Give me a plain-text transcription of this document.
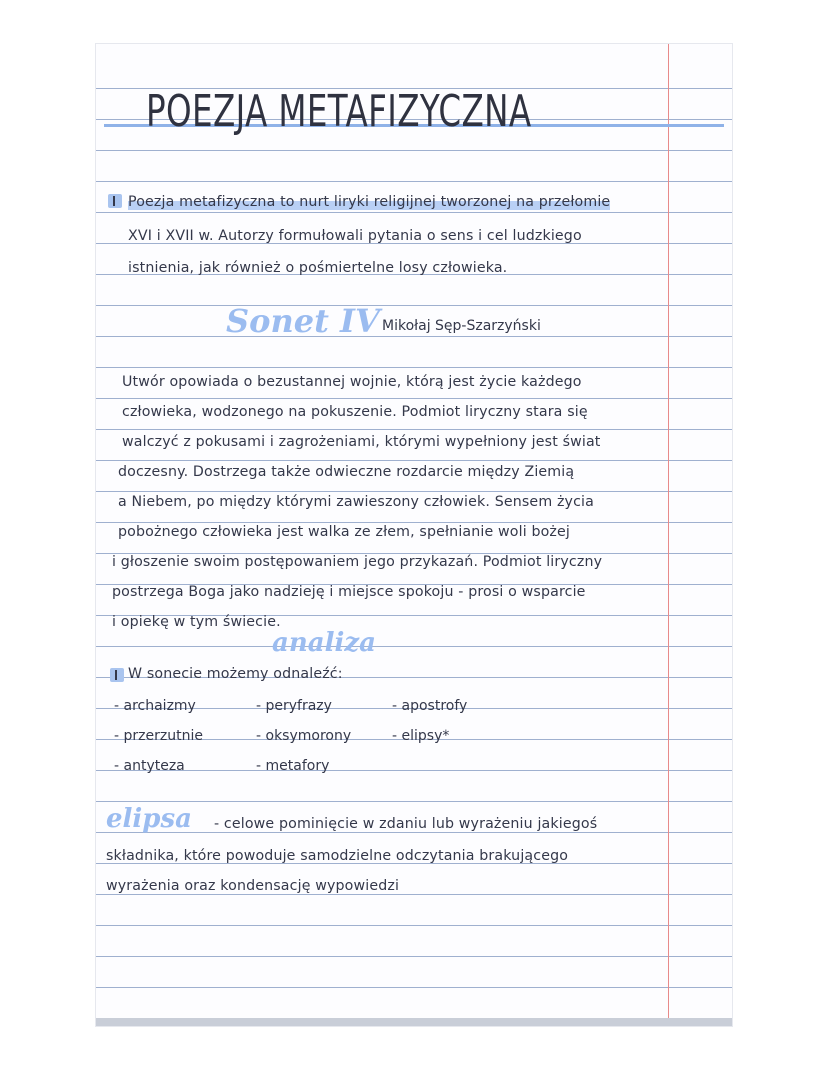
POEZJA METAFIZYCZNA
Poezja metafizyczna to nurt liryki religijnej tworzonej na przełomie
XVI i XVII w. Autorzy formułowali pytania o sens i cel ludzkiego
istnienia, jak również o pośmiertelne losy człowieka.
Sonet IV Mikołaj Sęp-Szarzyński
Utwór opowiada o bezustannej wojnie, którą jest życie każdego
człowieka, wodzonego na pokuszenie. Podmiot liryczny stara się
walczyć z pokusami i zagrożeniami, którymi wypełniony jest świat
doczesny. Dostrzega także odwieczne rozdarcie między Ziemią
a Niebem, po między którymi zawieszony człowiek. Sensem życia
pobożnego człowieka jest walka ze złem, spełnianie woli bożej
i głoszenie swoim postępowaniem jego przykazań. Podmiot liryczny
postrzega Boga jako nadzieję i miejsce spokoju - prosi o wsparcie
i opiekę w tym świecie.
analiza
W sonecie możemy odnaleźć:
- archaizmy
- przerzutnie
- antyteza
- peryfrazy
- oksymorony
- metafory
- apostrofy
- elipsy*
elipsa - celowe pominięcie w zdaniu lub wyrażeniu jakiegoś
składnika, które powoduje samodzielne odczytania brakującego
wyrażenia oraz kondensację wypowiedzi
